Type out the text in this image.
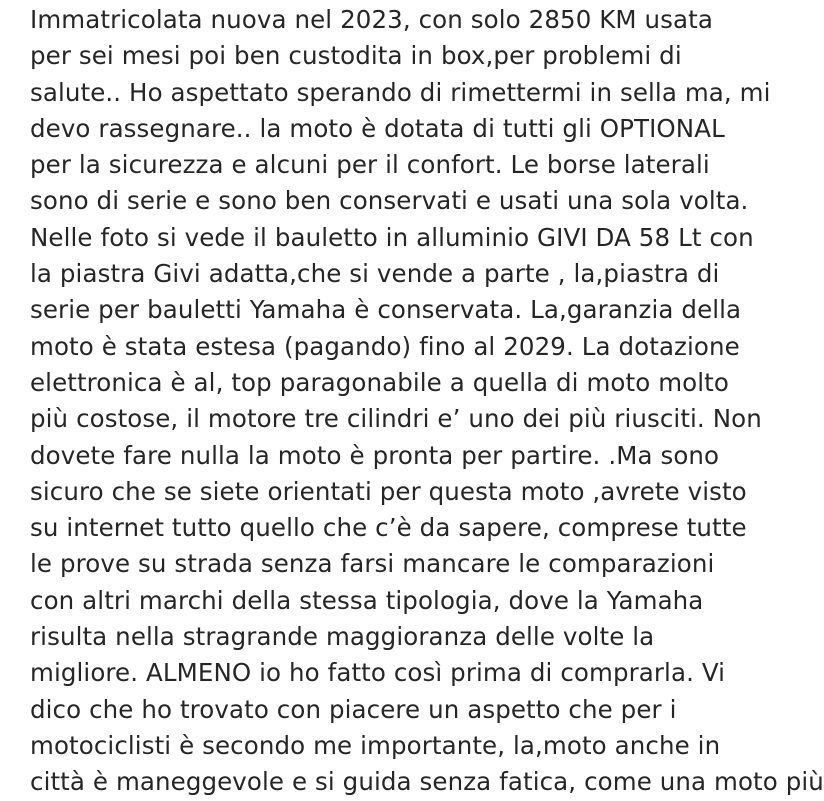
Immatricolata nuova nel 2023, con solo 2850 KM usata
per sei mesi poi ben custodita in box,per problemi di
salute.. Ho aspettato sperando di rimettermi in sella ma, mi
devo rassegnare.. la moto è dotata di tutti gli OPTIONAL
per la sicurezza e alcuni per il confort. Le borse laterali
sono di serie e sono ben conservati e usati una sola volta.
Nelle foto si vede il bauletto in alluminio GIVI DA 58 Lt con
la piastra Givi adatta,che si vende a parte , la,piastra di
serie per bauletti Yamaha è conservata. La,garanzia della
moto è stata estesa (pagando) fino al 2029. La dotazione
elettronica è al, top paragonabile a quella di moto molto
più costose, il motore tre cilindri e’ uno dei più riusciti. Non
dovete fare nulla la moto è pronta per partire. .Ma sono
sicuro che se siete orientati per questa moto ,avrete visto
su internet tutto quello che c’è da sapere, comprese tutte
le prove su strada senza farsi mancare le comparazioni
con altri marchi della stessa tipologia, dove la Yamaha
risulta nella stragrande maggioranza delle volte la
migliore. ALMENO io ho fatto così prima di comprarla. Vi
dico che ho trovato con piacere un aspetto che per i
motociclisti è secondo me importante, la,moto anche in
città è maneggevole e si guida senza fatica, come una moto più
